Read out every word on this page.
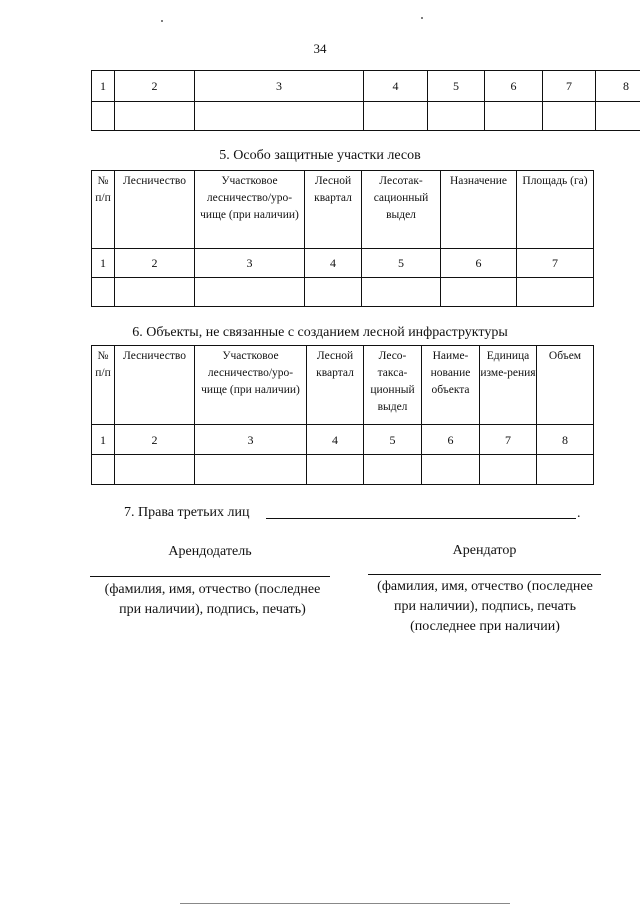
34
1	2	3	4	5	6	7	8

5. Особо защитные участки лесов
№ п/п	Лесничество	Участковое лесничество/уро-чище (при наличии)	Лесной квартал	Лесотак-сационный выдел	Назначение	Площадь (га)
1	2	3	4	5	6	7

6. Объекты, не связанные с созданием лесной инфраструктуры
№ п/п	Лесничество	Участковое лесничество/уро-чище (при наличии)	Лесной квартал	Лесо-такса-ционный выдел	Наиме-нование объекта	Единица изме-рения	Объем
1	2	3	4	5	6	7	8

7. Права третьих лиц	.
Арендодатель
(фамилия, имя, отчество (последнее при наличии), подпись, печать)
Арендатор
(фамилия, имя, отчество (последнее при наличии), подпись, печать (последнее при наличии)
